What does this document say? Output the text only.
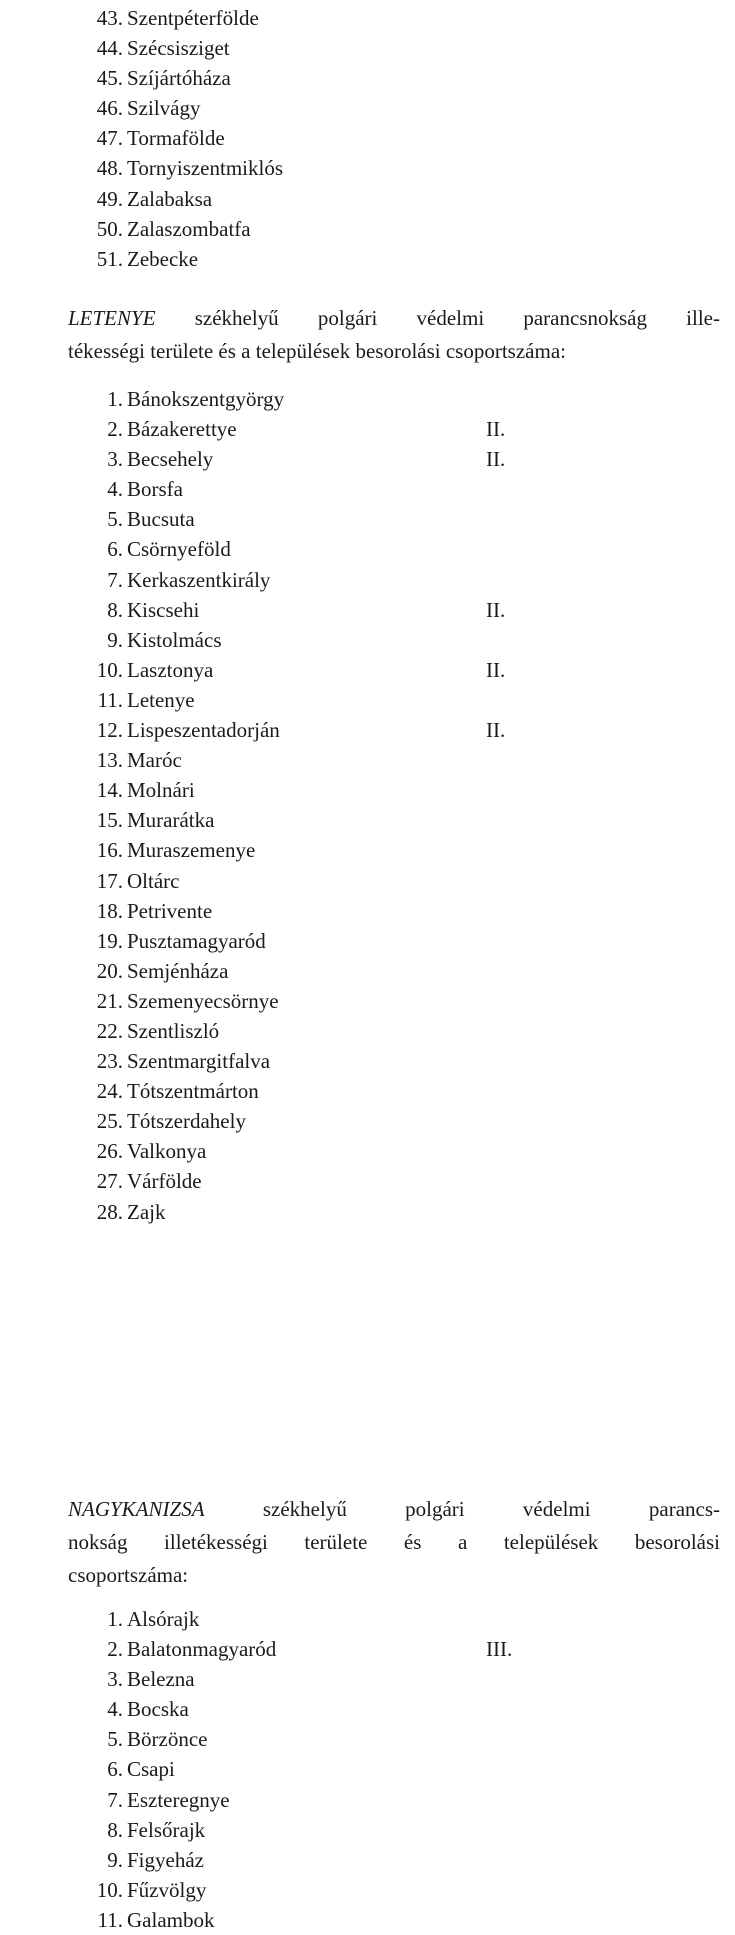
43. Szentpéterfölde
44. Szécsisziget
45. Szíjártóháza
46. Szilvágy
47. Tormafölde
48. Tornyiszentmiklós
49. Zalabaksa
50. Zalaszombatfa
51. Zebecke

LETENYE székhelyű polgári védelmi parancsnokság ille-
tékességi területe és a települések besorolási csoportszáma:

1. Bánokszentgyörgy
2. Bázakerettye	II.
3. Becsehely	II.
4. Borsfa
5. Bucsuta
6. Csörnyeföld
7. Kerkaszentkirály
8. Kiscsehi	II.
9. Kistolmács
10. Lasztonya	II.
11. Letenye
12. Lispeszentadorján	II.
13. Maróc
14. Molnári
15. Murarátka
16. Muraszemenye
17. Oltárc
18. Petrivente
19. Pusztamagyaród
20. Semjénháza
21. Szemenyecsörnye
22. Szentliszló
23. Szentmargitfalva
24. Tótszentmárton
25. Tótszerdahely
26. Valkonya
27. Várfölde
28. Zajk

NAGYKANIZSA székhelyű polgári védelmi parancs-
nokság illetékességi területe és a települések besorolási
csoportszáma:

1. Alsórajk
2. Balatonmagyaród	III.
3. Belezna
4. Bocska
5. Börzönce
6. Csapi
7. Eszteregnye
8. Felsőrajk
9. Figyeház
10. Fűzvölgy
11. Galambok
